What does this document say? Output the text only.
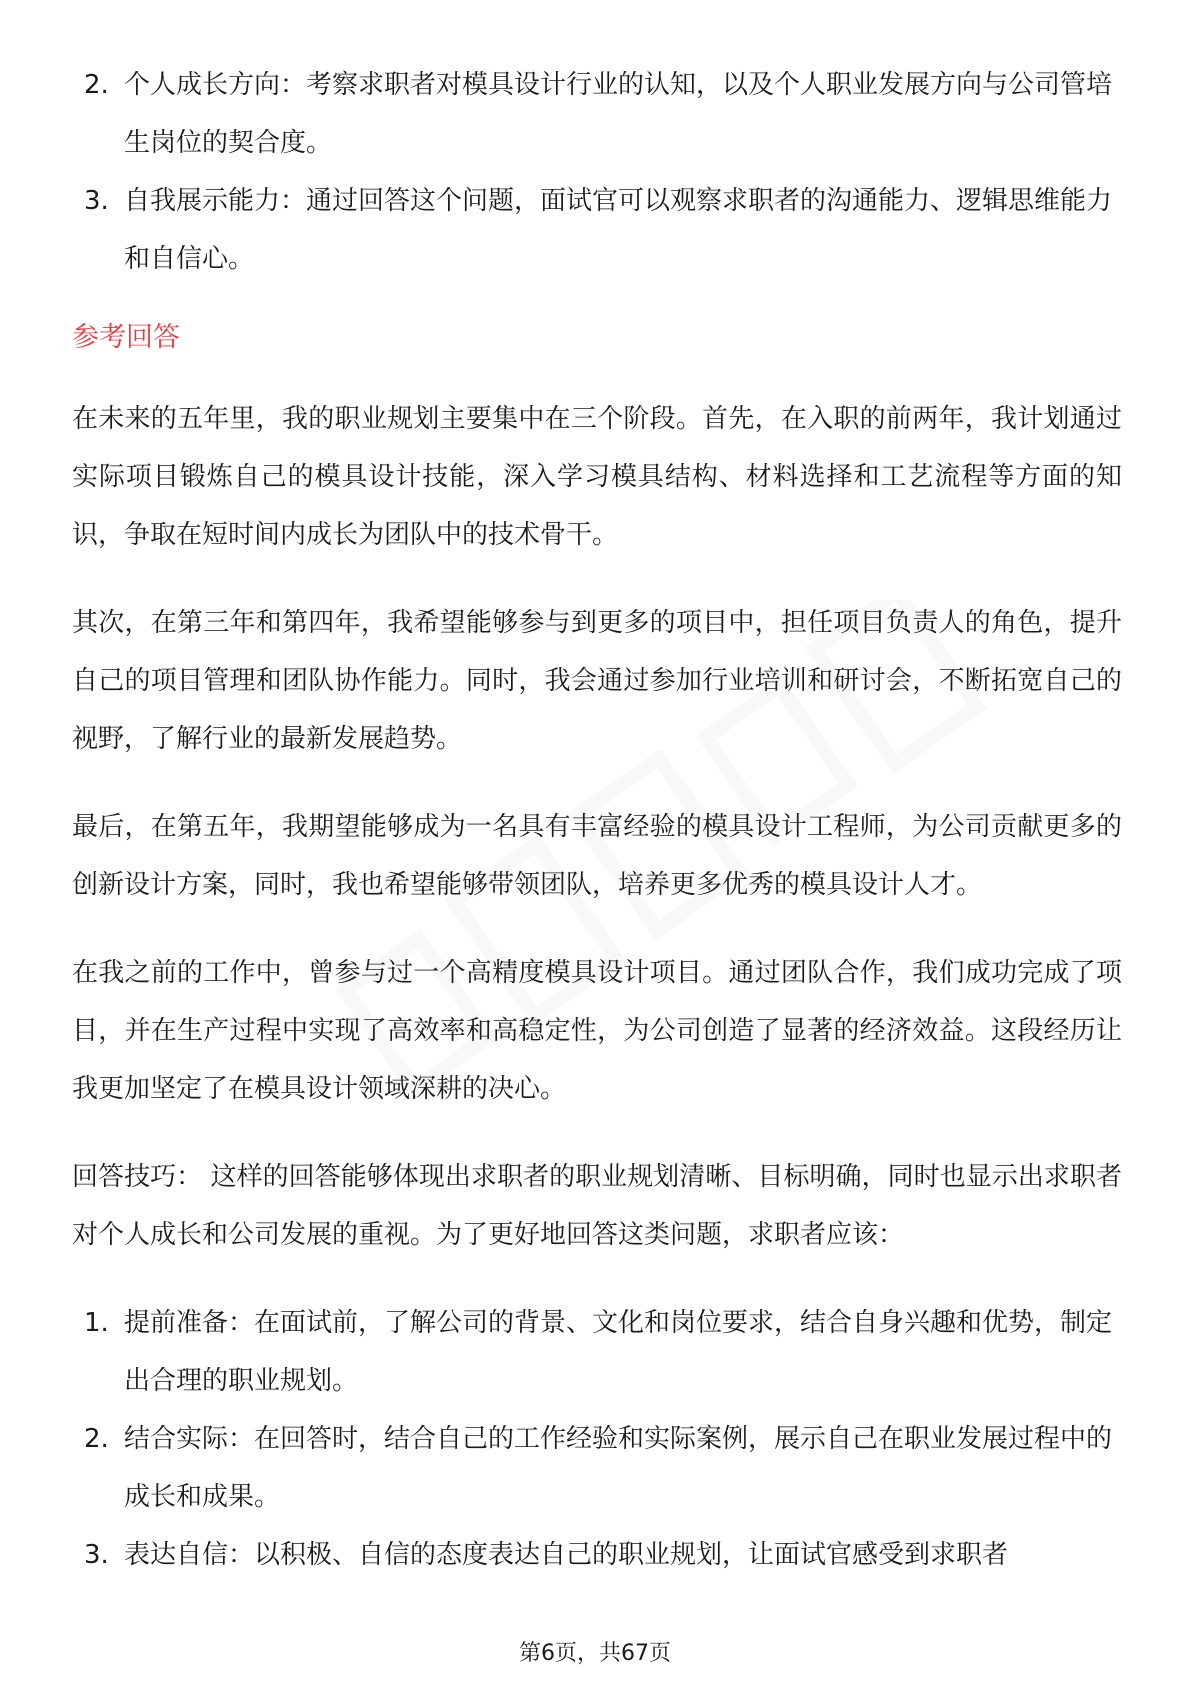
2. 个人成长方向：考察求职者对模具设计行业的认知，以及个人职业发展方向与公司管培生岗位的契合度。
3. 自我展示能力：通过回答这个问题，面试官可以观察求职者的沟通能力、逻辑思维能力和自信心。
参考回答

在未来的五年里，我的职业规划主要集中在三个阶段。首先，在入职的前两年，我计划通过实际项目锻炼自己的模具设计技能，深入学习模具结构、材料选择和工艺流程等方面的知识，争取在短时间内成长为团队中的技术骨干。

其次，在第三年和第四年，我希望能够参与到更多的项目中，担任项目负责人的角色，提升自己的项目管理和团队协作能力。同时，我会通过参加行业培训和研讨会，不断拓宽自己的视野，了解行业的最新发展趋势。

最后，在第五年，我期望能够成为一名具有丰富经验的模具设计工程师，为公司贡献更多的创新设计方案，同时，我也希望能够带领团队，培养更多优秀的模具设计人才。

在我之前的工作中，曾参与过一个高精度模具设计项目。通过团队合作，我们成功完成了项目，并在生产过程中实现了高效率和高稳定性，为公司创造了显著的经济效益。这段经历让我更加坚定了在模具设计领域深耕的决心。

回答技巧： 这样的回答能够体现出求职者的职业规划清晰、目标明确，同时也显示出求职者对个人成长和公司发展的重视。为了更好地回答这类问题，求职者应该：

1. 提前准备：在面试前，了解公司的背景、文化和岗位要求，结合自身兴趣和优势，制定出合理的职业规划。
2. 结合实际：在回答时，结合自己的工作经验和实际案例，展示自己在职业发展过程中的成长和成果。
3. 表达自信：以积极、自信的态度表达自己的职业规划，让面试官感受到求职者
第6页，共67页
